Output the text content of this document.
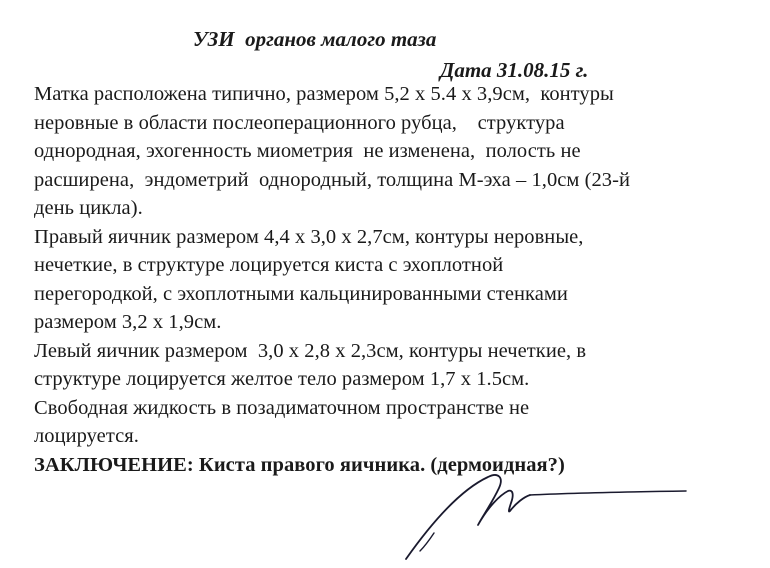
УЗИ  органов малого таза
Дата 31.08.15 г.
Матка расположена типично, размером 5,2 х 5.4 х 3,9см,  контуры
неровные в области послеоперационного рубца,    структура
однородная, эхогенность миометрия  не изменена,  полость не
расширена,  эндометрий  однородный, толщина М-эха – 1,0см (23-й
день цикла).
Правый яичник размером 4,4 х 3,0 х 2,7см, контуры неровные,
нечеткие, в структуре лоцируется киста с эхоплотной
перегородкой, с эхоплотными кальцинированными стенками
размером 3,2 х 1,9см.
Левый яичник размером  3,0 х 2,8 х 2,3см, контуры нечеткие, в
структуре лоцируется желтое тело размером 1,7 х 1.5см.
Свободная жидкость в позадиматочном пространстве не
лоцируется.
ЗАКЛЮЧЕНИЕ: Киста правого яичника. (дермоидная?)
